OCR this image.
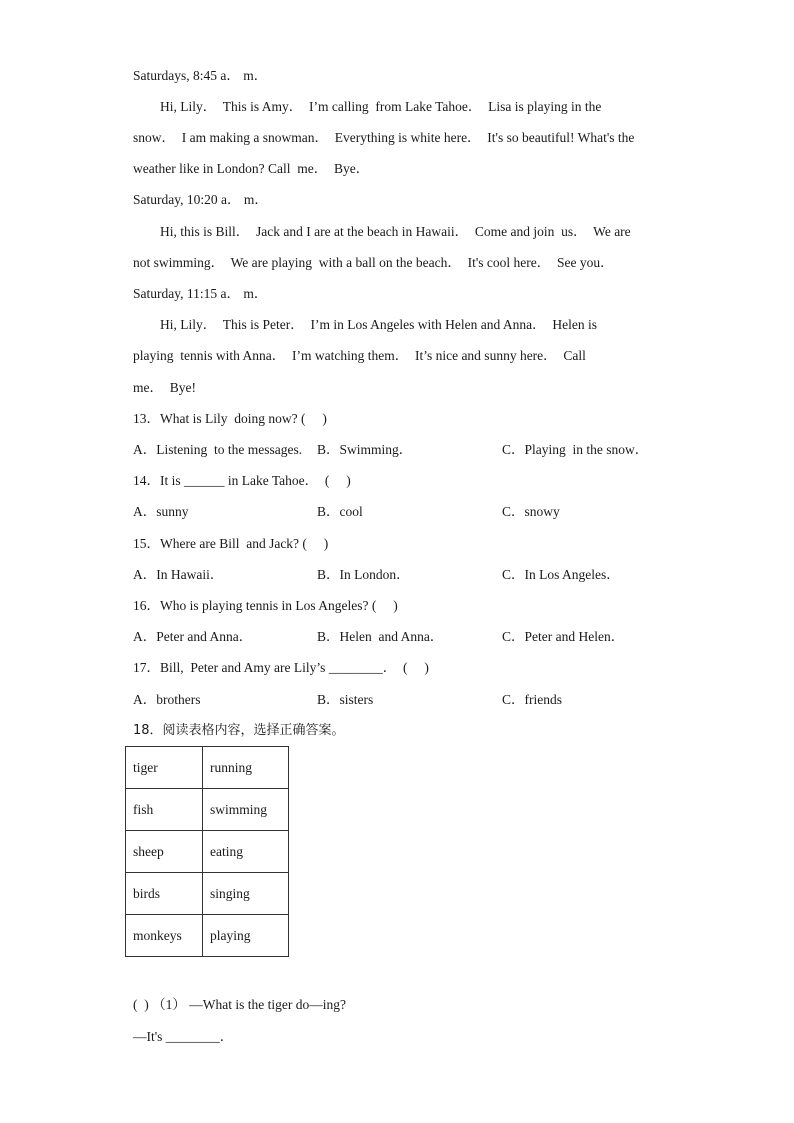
Saturdays, 8:45 a． m．
Hi, Lily．  This is Amy．  I’m calling  from Lake Tahoe．  Lisa is playing in the
snow．  I am making a snowman．  Everything is white here．  It's so beautiful! What's the
weather like in London? Call  me．  Bye．
Saturday, 10:20 a． m．
Hi, this is Bill．  Jack and I are at the beach in Hawaii．  Come and join  us．  We are
not swimming．  We are playing  with a ball on the beach．  It's cool here．  See you．
Saturday, 11:15 a． m．
Hi, Lily．  This is Peter．  I’m in Los Angeles with Helen and Anna．  Helen is
playing  tennis with Anna．  I’m watching them．  It’s nice and sunny here．  Call
me．  Bye!
13．What is Lily  doing now? (     )
A．Listening  to the messages. B．Swimming．	C．Playing  in the snow．
14．It is ______ in Lake Tahoe．  (     )
A．sunny	B．cool	C．snowy
15．Where are Bill  and Jack? (     )
A．In Hawaii．	B．In London．	C．In Los Angeles．
16．Who is playing tennis in Los Angeles? (     )
A．Peter and Anna．	B．Helen  and Anna．	C．Peter and Helen．
17．Bill,  Peter and Amy are Lily’s ________．  (     )
A．brothers	B．sisters	C．friends
18．阅读表格内容，选择正确答案。
tiger	running
fish	swimming
sheep	eating
birds	singing
monkeys	playing
(  ) （1） —What is the tiger do—ing?
—It's ________．
